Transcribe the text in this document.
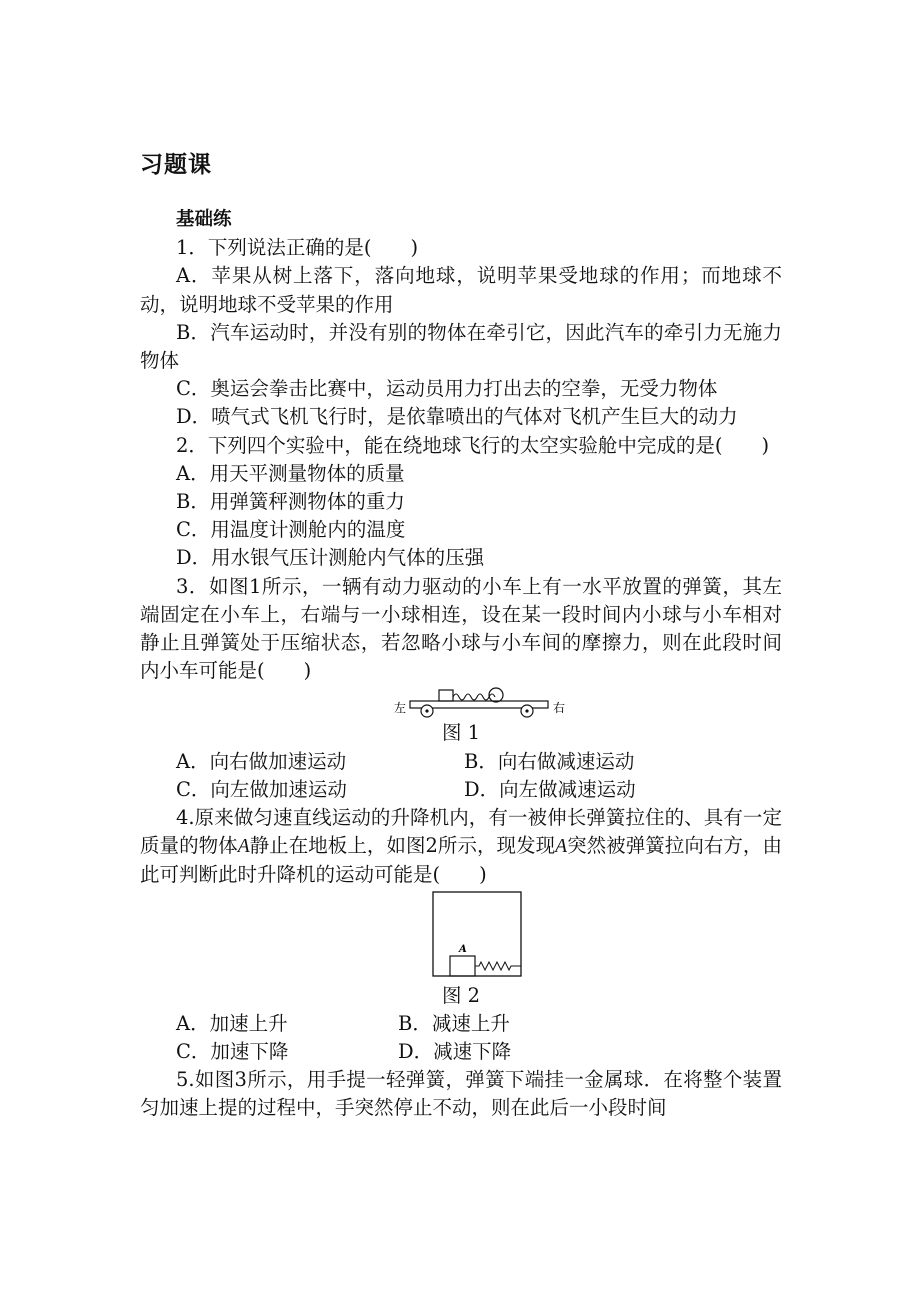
习题课

基础练

1．下列说法正确的是(　　)

A．苹果从树上落下，落向地球，说明苹果受地球的作用；而地球不动，说明地球不受苹果的作用

B．汽车运动时，并没有别的物体在牵引它，因此汽车的牵引力无施力物体

C．奥运会拳击比赛中，运动员用力打出去的空拳，无受力物体

D．喷气式飞机飞行时，是依靠喷出的气体对飞机产生巨大的动力

2．下列四个实验中，能在绕地球飞行的太空实验舱中完成的是(　　)

A．用天平测量物体的质量

B．用弹簧秤测物体的重力

C．用温度计测舱内的温度

D．用水银气压计测舱内气体的压强

3．如图1所示，一辆有动力驱动的小车上有一水平放置的弹簧，其左端固定在小车上，右端与一小球相连，设在某一段时间内小球与小车相对静止且弹簧处于压缩状态，若忽略小球与小车间的摩擦力，则在此段时间内小车可能是(　　)

左	右

图 1

A．向右做加速运动	B．向右做减速运动
C．向左做加速运动	D．向左做减速运动

4.原来做匀速直线运动的升降机内，有一被伸长弹簧拉住的、具有一定质量的物体A静止在地板上，如图2所示，现发现A突然被弹簧拉向右方，由此可判断此时升降机的运动可能是(　　)

A

图 2

A．加速上升	B．减速上升
C．加速下降	D．减速下降

5.如图3所示，用手提一轻弹簧，弹簧下端挂一金属球．在将整个装置匀加速上提的过程中，手突然停止不动，则在此后一小段时间
